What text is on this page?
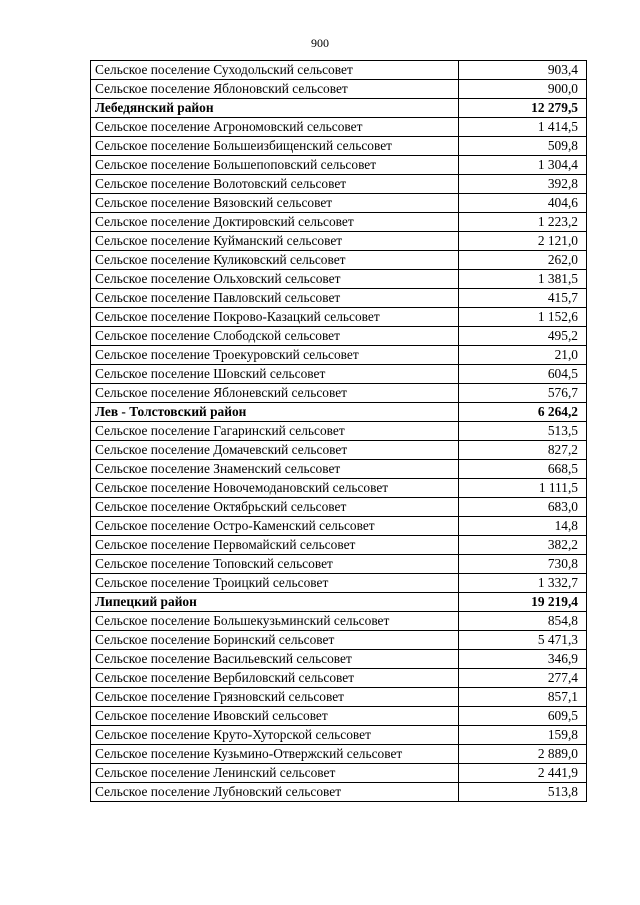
900
Сельское поселение Суходольский сельсовет	903,4
Сельское поселение Яблоновский сельсовет	900,0
Лебедянский район	12 279,5
Сельское поселение Агрономовский сельсовет	1 414,5
Сельское поселение Большеизбищенский сельсовет	509,8
Сельское поселение Большепоповский сельсовет	1 304,4
Сельское поселение Волотовский сельсовет	392,8
Сельское поселение Вязовский сельсовет	404,6
Сельское поселение Доктировский сельсовет	1 223,2
Сельское поселение Куйманский сельсовет	2 121,0
Сельское поселение Куликовский сельсовет	262,0
Сельское поселение Ольховский сельсовет	1 381,5
Сельское поселение Павловский сельсовет	415,7
Сельское поселение Покрово-Казацкий сельсовет	1 152,6
Сельское поселение Слободской сельсовет	495,2
Сельское поселение Троекуровский сельсовет	21,0
Сельское поселение Шовский сельсовет	604,5
Сельское поселение Яблоневский сельсовет	576,7
Лев - Толстовский район	6 264,2
Сельское поселение Гагаринский сельсовет	513,5
Сельское поселение Домачевский сельсовет	827,2
Сельское поселение Знаменский сельсовет	668,5
Сельское поселение Новочемодановский сельсовет	1 111,5
Сельское поселение Октябрьский сельсовет	683,0
Сельское поселение Остро-Каменский сельсовет	14,8
Сельское поселение Первомайский сельсовет	382,2
Сельское поселение Топовский сельсовет	730,8
Сельское поселение Троицкий сельсовет	1 332,7
Липецкий район	19 219,4
Сельское поселение Большекузьминский сельсовет	854,8
Сельское поселение Боринский сельсовет	5 471,3
Сельское поселение Васильевский сельсовет	346,9
Сельское поселение Вербиловский сельсовет	277,4
Сельское поселение Грязновский сельсовет	857,1
Сельское поселение Ивовский сельсовет	609,5
Сельское поселение Круто-Хуторской сельсовет	159,8
Сельское поселение Кузьмино-Отвержский сельсовет	2 889,0
Сельское поселение Ленинский сельсовет	2 441,9
Сельское поселение Лубновский сельсовет	513,8
